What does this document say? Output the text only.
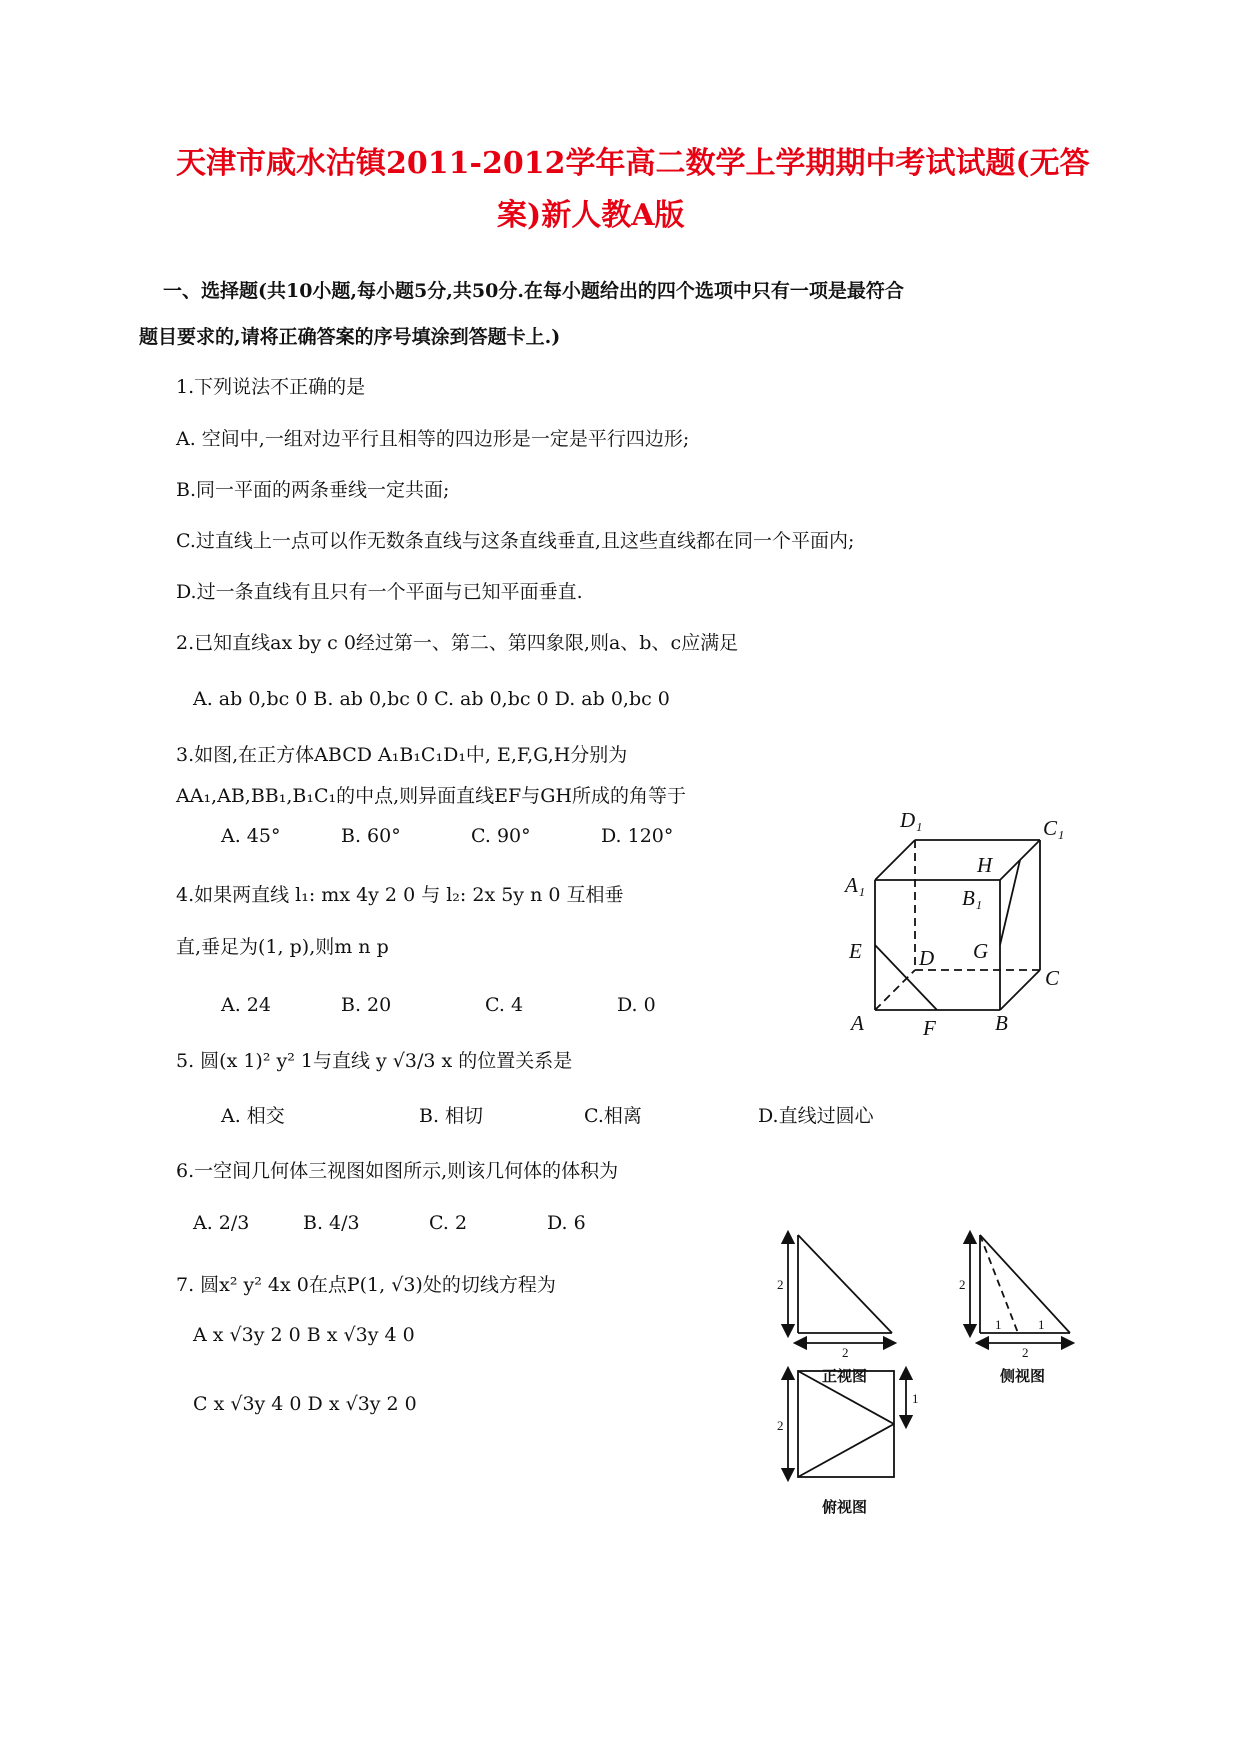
天津市咸水沽镇2011-2012学年高二数学上学期期中考试试题(无答
案)新人教A版
一、选择题(共10小题,每小题5分,共50分.在每小题给出的四个选项中只有一项是最符合
题目要求的,请将正确答案的序号填涂到答题卡上.)
1.下列说法不正确的是
A. 空间中,一组对边平行且相等的四边形是一定是平行四边形;
B.同一平面的两条垂线一定共面;
C.过直线上一点可以作无数条直线与这条直线垂直,且这些直线都在同一个平面内;
D.过一条直线有且只有一个平面与已知平面垂直.
2.已知直线ax by c 0经过第一、第二、第四象限,则a、b、c应满足
A. ab 0,bc 0 B. ab 0,bc 0 C. ab 0,bc 0 D. ab 0,bc 0
3.如图,在正方体ABCD A₁B₁C₁D₁中, E,F,G,H分别为
AA₁,AB,BB₁,B₁C₁的中点,则异面直线EF与GH所成的角等于
A. 45°	B. 60°	C. 90°	D. 120°
4.如果两直线 l₁: mx 4y 2 0 与 l₂: 2x 5y n 0 互相垂
直,垂足为(1, p),则m n p
A. 24	B. 20	C. 4	D. 0
5. 圆(x 1)² y² 1与直线 y √3/3 x 的位置关系是
A. 相交	B. 相切	C.相离	D.直线过圆心
6.一空间几何体三视图如图所示,则该几何体的体积为
A. 2/3	B. 4/3	C. 2	D. 6
7. 圆x² y² 4x 0在点P(1, √3)处的切线方程为
A x √3y 2 0 B x √3y 4 0
C x √3y 4 0 D x √3y 2 0
D₁	C₁
A₁
H
B₁
G
E	D
C
A	F	B
2
2
2
1	1
2
2
1
正视图	侧视图
俯视图
